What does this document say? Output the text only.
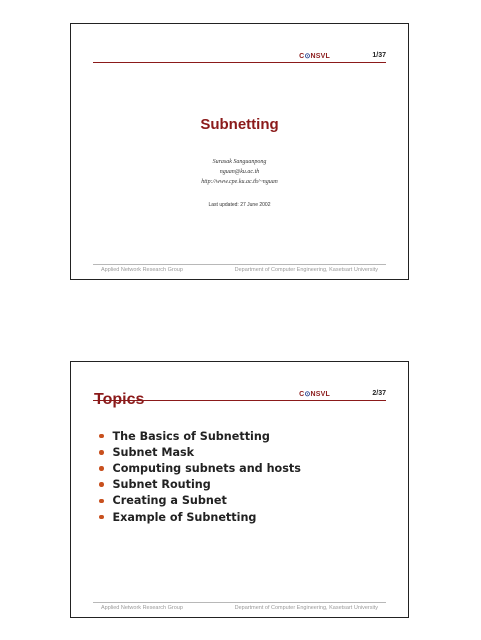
C⊙NSVL	1/37
Subnetting
Surasak Sanguanpong
nguan@ku.ac.th
http://www.cpe.ku.ac.th/~nguan
Last updated: 27 June 2002
Applied Network Research Group	Department of Computer Engineering, Kasetsart University
C⊙NSVL	2/37
Topics
The Basics of Subnetting
Subnet Mask
Computing subnets and hosts
Subnet Routing
Creating a Subnet
Example of Subnetting
Applied Network Research Group	Department of Computer Engineering, Kasetsart University
